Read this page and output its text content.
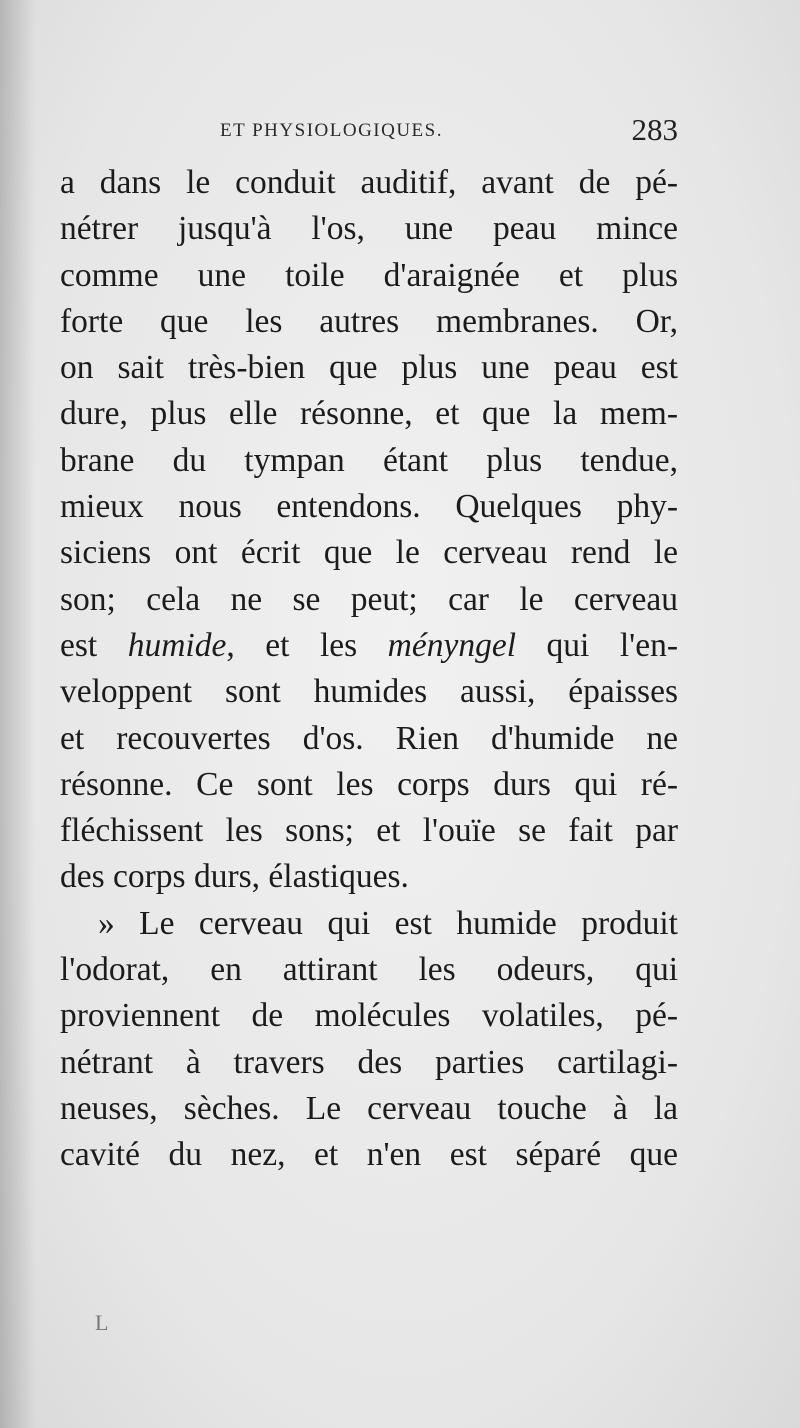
ET PHYSIOLOGIQUES.	283
a dans le conduit auditif, avant de pé-
nétrer jusqu'à l'os, une peau mince
comme une toile d'araignée et plus
forte que les autres membranes. Or,
on sait très-bien que plus une peau est
dure, plus elle résonne, et que la mem-
brane du tympan étant plus tendue,
mieux nous entendons. Quelques phy-
siciens ont écrit que le cerveau rend le
son; cela ne se peut; car le cerveau
est humide, et les ményngel qui l'en-
veloppent sont humides aussi, épaisses
et recouvertes d'os. Rien d'humide ne
résonne. Ce sont les corps durs qui ré-
fléchissent les sons; et l'ouïe se fait par
des corps durs, élastiques.
» Le cerveau qui est humide produit
l'odorat, en attirant les odeurs, qui
proviennent de molécules volatiles, pé-
nétrant à travers des parties cartilagi-
neuses, sèches. Le cerveau touche à la
cavité du nez, et n'en est séparé que
L
